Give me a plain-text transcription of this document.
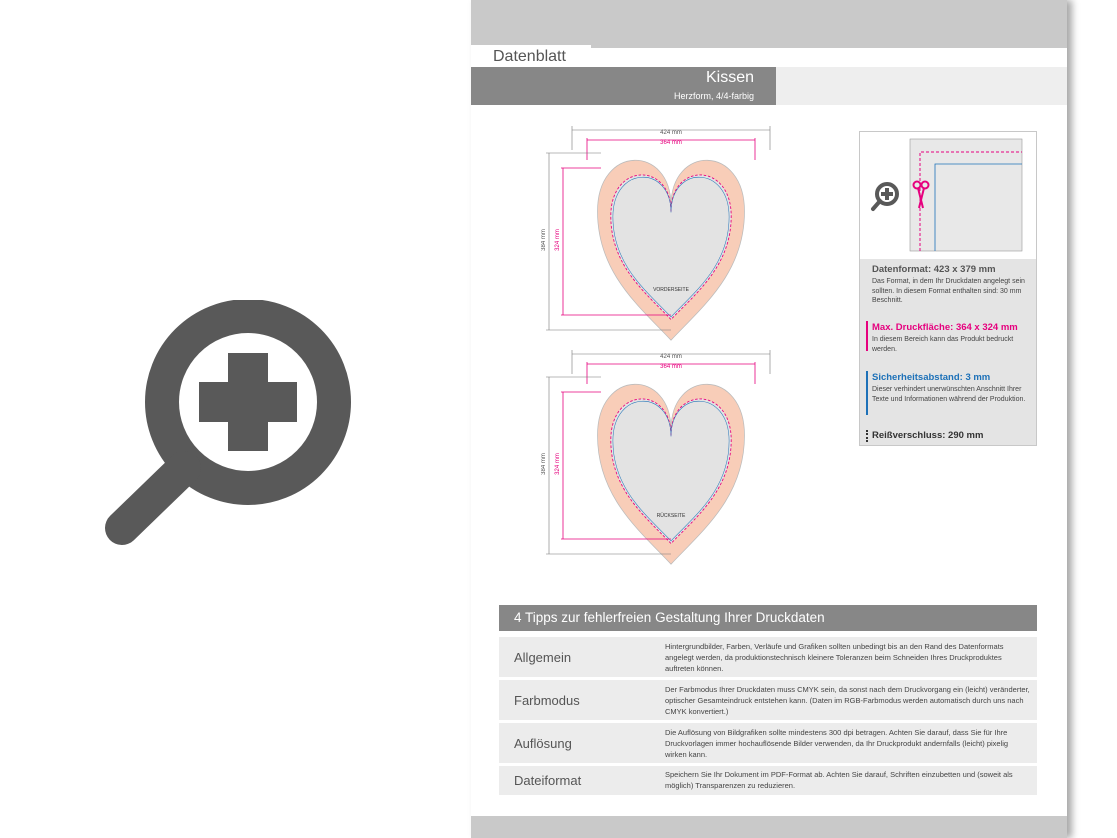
Datenblatt
Kissen
Herzform, 4/4-farbig
424 mm
364 mm
384 mm 324 mm
VORDERSEITE
424 mm
364 mm
384 mm 324 mm
RÜCKSEITE
Datenformat: 423 x 379 mm
Das Format, in dem Ihr Druckdaten angelegt sein sollten. In diesem Format enthalten sind: 30 mm Beschnitt.
Max. Druckfläche: 364 x 324 mm
In diesem Bereich kann das Produkt bedruckt werden.
Sicherheitsabstand: 3 mm
Dieser verhindert unerwünschten Anschnitt Ihrer Texte und Informationen während der Produktion.
Reißverschluss: 290 mm
4 Tipps zur fehlerfreien Gestaltung Ihrer Druckdaten
Allgemein
Hintergrundbilder, Farben, Verläufe und Grafiken sollten unbedingt bis an den Rand des Datenformats angelegt werden, da produktionstechnisch kleinere Toleranzen beim Schneiden Ihres Druckproduktes auftreten können.
Farbmodus
Der Farbmodus Ihrer Druckdaten muss CMYK sein, da sonst nach dem Druckvorgang ein (leicht) veränderter, optischer Gesamteindruck entstehen kann. (Daten im RGB-Farbmodus werden automatisch durch uns nach CMYK konvertiert.)
Auflösung
Die Auflösung von Bildgrafiken sollte mindestens 300 dpi betragen. Achten Sie darauf, dass Sie für Ihre Druckvorlagen immer hochauflösende Bilder verwenden, da Ihr Druckprodukt andernfalls (leicht) pixelig wirken kann.
Dateiformat	Speichern Sie Ihr Dokument im PDF-Format ab. Achten Sie darauf, Schriften einzubetten und (soweit als möglich) Transparenzen zu reduzieren.
